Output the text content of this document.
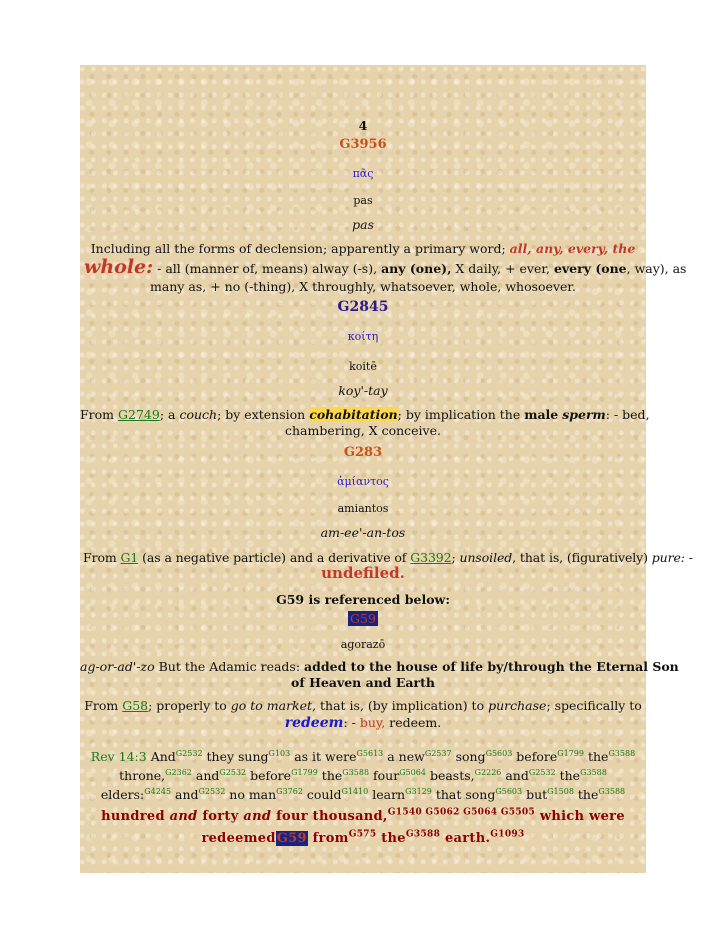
4
G3956
πᾶς
pas
pas
Including all the forms of declension; apparently a primary word; all, any, every, the
whole: - all (manner of, means) alway (-s), any (one), X daily, + ever, every (one, way), as
many as, + no (-thing), X throughly, whatsoever, whole, whosoever.
G2845
κοίτη
koitē
koy'-tay
From G2749; a couch; by extension cohabitation; by implication the male sperm: - bed,
chambering, X conceive.
G283
ἀμίαντος
amiantos
am-ee'-an-tos
From G1 (as a negative particle) and a derivative of G3392; unsoiled, that is, (figuratively) pure: -
undefiled.
G59 is referenced below:
G59
agorazō
ag-or-ad'-zo But the Adamic reads: added to the house of life by/through the Eternal Son
of Heaven and Earth
From G58; properly to go to market, that is, (by implication) to purchase; specifically to
redeem: - buy, redeem.
Rev 14:3 And$^{G2532}$ they sung$^{G103}$ as it were$^{G5613}$ a new$^{G2537}$ song$^{G5603}$ before$^{G1799}$ the$^{G3588}$
throne,$^{G2362}$ and$^{G2532}$ before$^{G1799}$ the$^{G3588}$ four$^{G5064}$ beasts,$^{G2226}$ and$^{G2532}$ the$^{G3588}$
elders:$^{G4245}$ and$^{G2532}$ no man$^{G3762}$ could$^{G1410}$ learn$^{G3129}$ that song$^{G5603}$ but$^{G1508}$ the$^{G3588}$
hundred and forty and four thousand,$^{G1540 G5062 G5064 G5505}$ which were
redeemedG59 from$^{G575}$ the$^{G3588}$ earth.$^{G1093}$
